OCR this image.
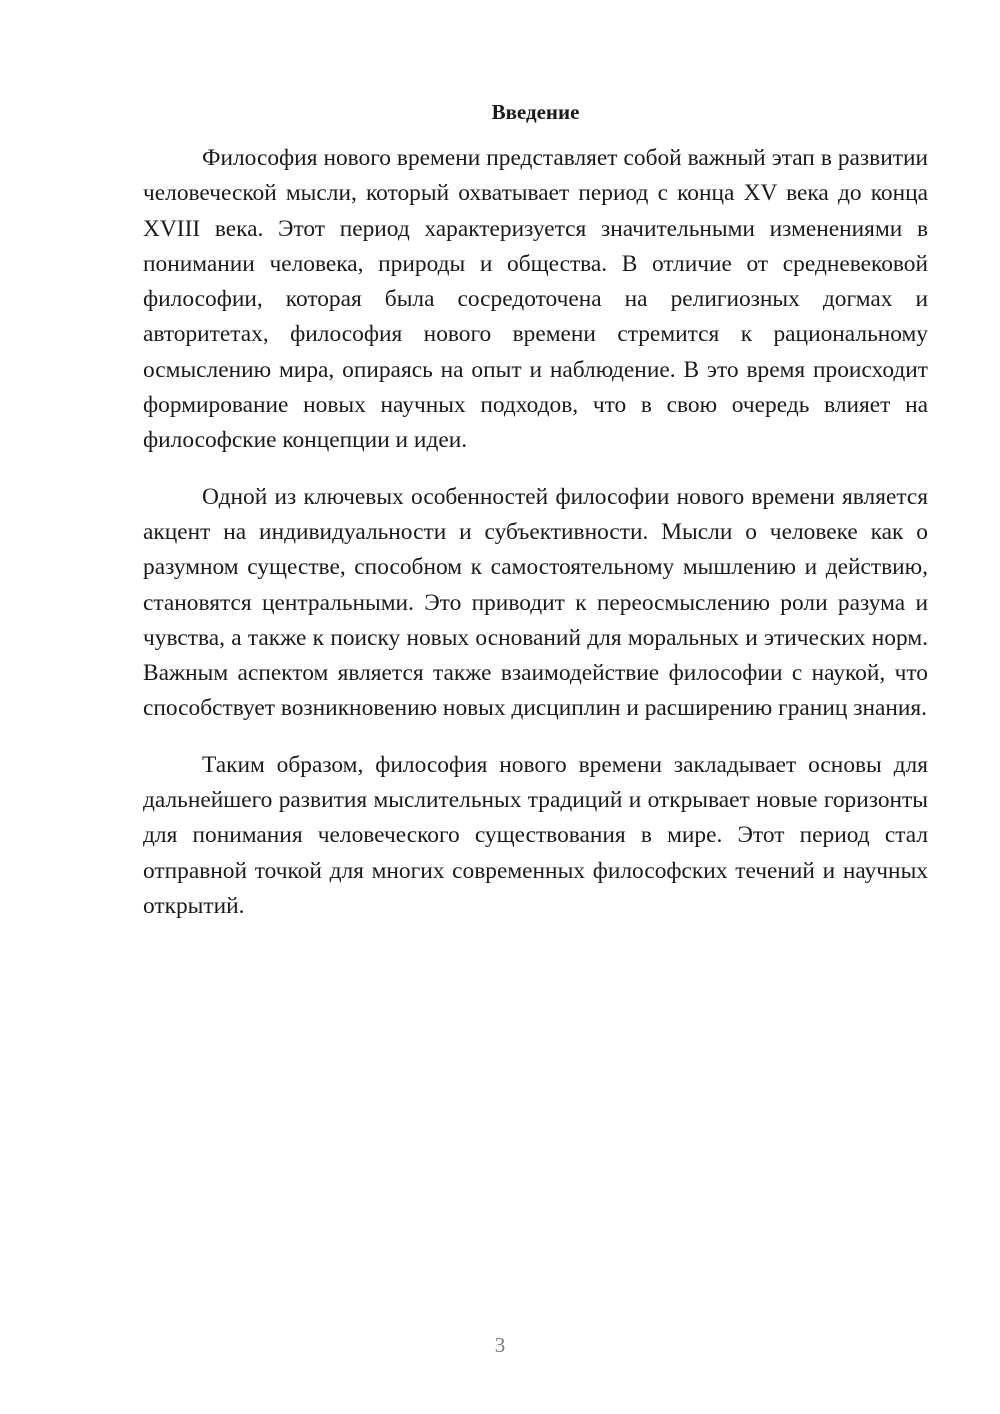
Введение

Философия нового времени представляет собой важный этап в развитии человеческой мысли, который охватывает период с конца XV века до конца XVIII века. Этот период характеризуется значительными изменениями в понимании человека, природы и общества. В отличие от средневековой философии, которая была сосредоточена на религиозных догмах и авторитетах, философия нового времени стремится к рациональному осмыслению мира, опираясь на опыт и наблюдение. В это время происходит формирование новых научных подходов, что в свою очередь влияет на философские концепции и идеи.

Одной из ключевых особенностей философии нового времени является акцент на индивидуальности и субъективности. Мысли о человеке как о разумном существе, способном к самостоятельному мышлению и действию, становятся центральными. Это приводит к переосмыслению роли разума и чувства, а также к поиску новых оснований для моральных и этических норм. Важным аспектом является также взаимодействие философии с наукой, что способствует возникновению новых дисциплин и расширению границ знания.

Таким образом, философия нового времени закладывает основы для дальнейшего развития мыслительных традиций и открывает новые горизонты для понимания человеческого существования в мире. Этот период стал отправной точкой для многих современных философских течений и научных открытий.

3
